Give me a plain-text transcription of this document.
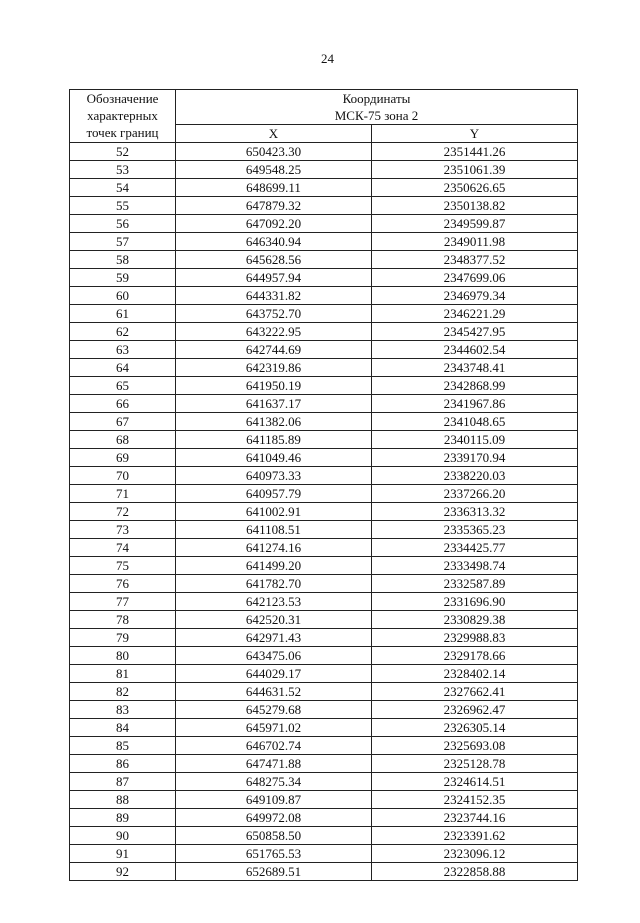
24
Обозначение
характерных
точек границ	Координаты
МСК-75 зона 2	

	X	Y
52	650423.30	2351441.26
53	649548.25	2351061.39
54	648699.11	2350626.65
55	647879.32	2350138.82
56	647092.20	2349599.87
57	646340.94	2349011.98
58	645628.56	2348377.52
59	644957.94	2347699.06
60	644331.82	2346979.34
61	643752.70	2346221.29
62	643222.95	2345427.95
63	642744.69	2344602.54
64	642319.86	2343748.41
65	641950.19	2342868.99
66	641637.17	2341967.86
67	641382.06	2341048.65
68	641185.89	2340115.09
69	641049.46	2339170.94
70	640973.33	2338220.03
71	640957.79	2337266.20
72	641002.91	2336313.32
73	641108.51	2335365.23
74	641274.16	2334425.77
75	641499.20	2333498.74
76	641782.70	2332587.89
77	642123.53	2331696.90
78	642520.31	2330829.38
79	642971.43	2329988.83
80	643475.06	2329178.66
81	644029.17	2328402.14
82	644631.52	2327662.41
83	645279.68	2326962.47
84	645971.02	2326305.14
85	646702.74	2325693.08
86	647471.88	2325128.78
87	648275.34	2324614.51
88	649109.87	2324152.35
89	649972.08	2323744.16
90	650858.50	2323391.62
91	651765.53	2323096.12
92	652689.51	2322858.88
